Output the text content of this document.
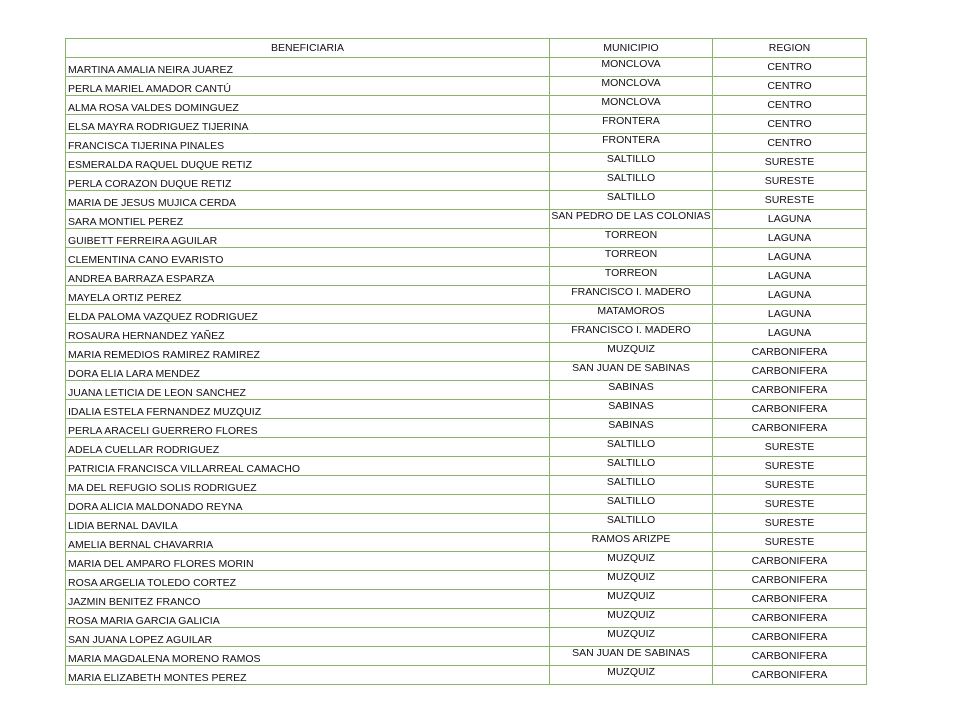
BENEFICIARIA	MUNICIPIO	REGION
MARTINA AMALIA NEIRA JUAREZ	MONCLOVA	CENTRO
PERLA MARIEL AMADOR CANTÚ	MONCLOVA	CENTRO
ALMA ROSA VALDES DOMINGUEZ	MONCLOVA	CENTRO
ELSA MAYRA RODRIGUEZ TIJERINA	FRONTERA	CENTRO
FRANCISCA TIJERINA PINALES	FRONTERA	CENTRO
ESMERALDA RAQUEL DUQUE RETIZ	SALTILLO	SURESTE
PERLA CORAZON DUQUE RETIZ	SALTILLO	SURESTE
MARIA DE JESUS MUJICA CERDA	SALTILLO	SURESTE
SARA MONTIEL PEREZ	SAN PEDRO DE LAS COLONIAS	LAGUNA
GUIBETT FERREIRA AGUILAR	TORREON	LAGUNA
CLEMENTINA CANO EVARISTO	TORREON	LAGUNA
ANDREA BARRAZA ESPARZA	TORREON	LAGUNA
MAYELA ORTIZ PEREZ	FRANCISCO I. MADERO	LAGUNA
ELDA PALOMA VAZQUEZ RODRIGUEZ	MATAMOROS	LAGUNA
ROSAURA HERNANDEZ YAÑEZ	FRANCISCO I. MADERO	LAGUNA
MARIA REMEDIOS RAMIREZ RAMIREZ	MUZQUIZ	CARBONIFERA
DORA ELIA LARA MENDEZ	SAN JUAN DE SABINAS	CARBONIFERA
JUANA LETICIA DE LEON SANCHEZ	SABINAS	CARBONIFERA
IDALIA ESTELA FERNANDEZ MUZQUIZ	SABINAS	CARBONIFERA
PERLA ARACELI GUERRERO FLORES	SABINAS	CARBONIFERA
ADELA CUELLAR RODRIGUEZ	SALTILLO	SURESTE
PATRICIA FRANCISCA VILLARREAL CAMACHO	SALTILLO	SURESTE
MA DEL REFUGIO SOLIS RODRIGUEZ	SALTILLO	SURESTE
DORA ALICIA MALDONADO REYNA	SALTILLO	SURESTE
LIDIA BERNAL DAVILA	SALTILLO	SURESTE
AMELIA BERNAL CHAVARRIA	RAMOS ARIZPE	SURESTE
MARIA DEL AMPARO FLORES MORIN	MUZQUIZ	CARBONIFERA
ROSA ARGELIA TOLEDO CORTEZ	MUZQUIZ	CARBONIFERA
JAZMIN BENITEZ FRANCO	MUZQUIZ	CARBONIFERA
ROSA MARIA GARCIA GALICIA	MUZQUIZ	CARBONIFERA
SAN JUANA LOPEZ AGUILAR	MUZQUIZ	CARBONIFERA
MARIA MAGDALENA MORENO RAMOS	SAN JUAN DE SABINAS	CARBONIFERA
MARIA ELIZABETH MONTES PEREZ	MUZQUIZ	CARBONIFERA
